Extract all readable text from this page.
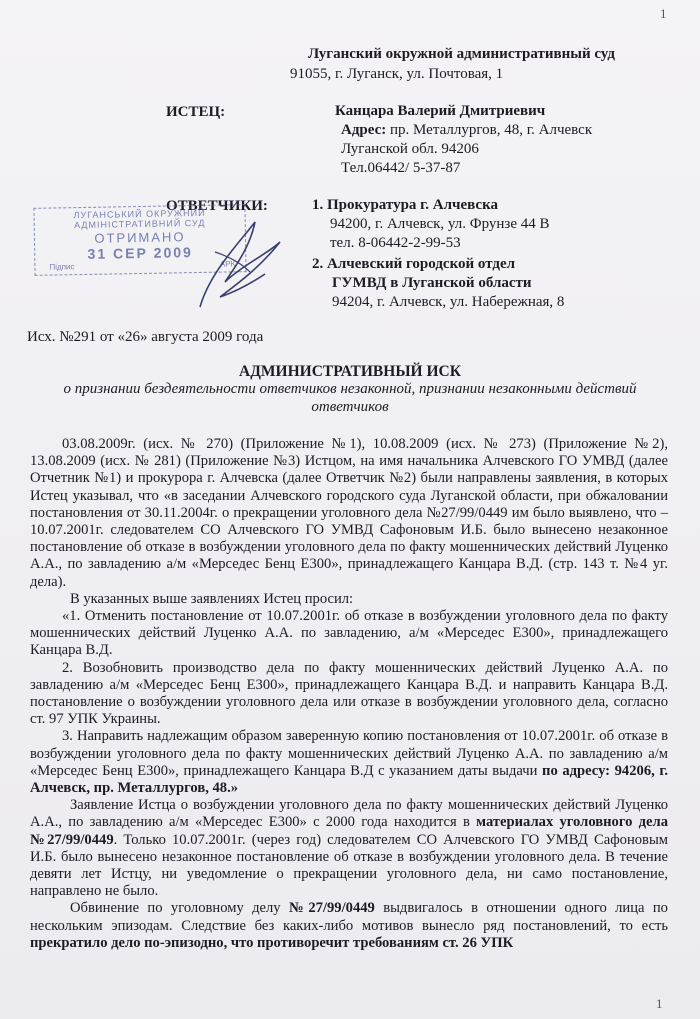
1
Луганский окружной административный суд
91055, г. Луганск, ул. Почтовая, 1
ИСТЕЦ:	Канцара Валерий Дмитриевич
Адрес: пр. Металлургов, 48, г. Алчевск
Луганской обл. 94206
Тел.06442/ 5-37-87
ОТВЕТЧИКИ:	1. Прокуратура г. Алчевска
94200, г. Алчевск, ул. Фрунзе 44 В
тел. 8-06442-2-99-53
2. Алчевский городской отдел
ГУМВД в Луганской области
94204, г. Алчевск, ул. Набережная, 8
ЛУГАНСЬКИЙ ОКРУЖНИЙ
АДМІНІСТРАТИВНИЙ СУД
ОТРИМАНО
31 СЕР 2009
Підпис	АРК.
Исх. №291 от «26» августа 2009 года
АДМИНИСТРАТИВНЫЙ ИСК
о признании бездеятельности ответчиков незаконной, признании незаконными действий ответчиков

03.08.2009г. (исх. № 270) (Приложение №1), 10.08.2009 (исх. № 273) (Приложение №2), 13.08.2009 (исх. № 281) (Приложение №3) Истцом, на имя начальника Алчевского ГО УМВД (далее Отчетник №1) и прокурора г. Алчевска (далее Ответчик №2) были направлены заявления, в которых Истец указывал, что «в заседании Алчевского городского суда Луганской области, при обжаловании постановления от 30.11.2004г. о прекращении уголовного дела №27/99/0449 им было выявлено, что – 10.07.2001г. следователем СО Алчевского ГО УМВД Сафоновым И.Б. было вынесено незаконное постановление об отказе в возбуждении уголовного дела по факту мошеннических действий Луценко А.А., по завладению а/м «Мерседес Бенц Е300», принадлежащего Канцара В.Д. (стр. 143 т. №4 уг. дела).

В указанных выше заявлениях Истец просил:

«1. Отменить постановление от 10.07.2001г. об отказе в возбуждении уголовного дела по факту мошеннических действий Луценко А.А. по завладению, а/м «Мерседес Е300», принадлежащего Канцара В.Д.

2. Возобновить производство дела по факту мошеннических действий Луценко А.А. по завладению а/м «Мерседес Бенц Е300», принадлежащего Канцара В.Д. и направить Канцара В.Д. постановление о возбуждении уголовного дела или отказе в возбуждении уголовного дела, согласно ст. 97 УПК Украины.

3. Направить надлежащим образом заверенную копию постановления от 10.07.2001г. об отказе в возбуждении уголовного дела по факту мошеннических действий Луценко А.А. по завладению а/м «Мерседес Бенц Е300», принадлежащего Канцара В.Д с указанием даты выдачи по адресу: 94206, г. Алчевск, пр. Металлургов, 48.»

Заявление Истца о возбуждении уголовного дела по факту мошеннических действий Луценко А.А., по завладению а/м «Мерседес Е300» с 2000 года находится в материалах уголовного дела №27/99/0449. Только 10.07.2001г. (через год) следователем СО Алчевского ГО УМВД Сафоновым И.Б. было вынесено незаконное постановление об отказе в возбуждении уголовного дела. В течение девяти лет Истцу, ни уведомление о прекращении уголовного дела, ни само постановление, направлено не было.

Обвинение по уголовному делу №27/99/0449 выдвигалось в отношении одного лица по нескольким эпизодам. Следствие без каких-либо мотивов вынесло ряд постановлений, то есть прекратило дело по-эпизодно, что противоречит требованиям ст. 26 УПК

1
